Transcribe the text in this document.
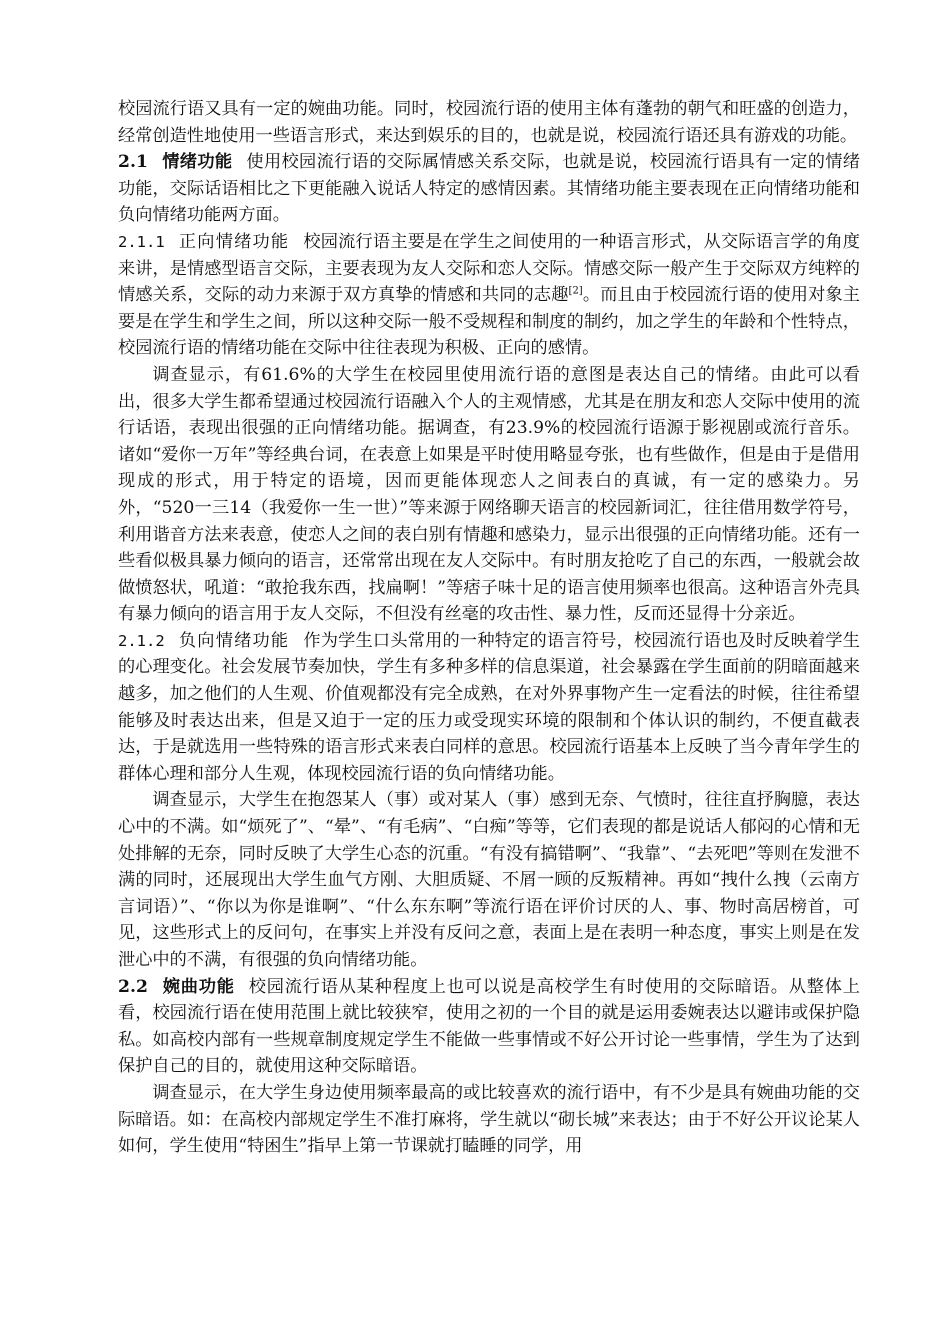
校园流行语又具有一定的婉曲功能。同时，校园流行语的使用主体有蓬勃的朝气和旺盛的创造力，经常创造性地使用一些语言形式，来达到娱乐的目的，也就是说，校园流行语还具有游戏的功能。

2.1 情绪功能 使用校园流行语的交际属情感关系交际，也就是说，校园流行语具有一定的情绪功能，交际话语相比之下更能融入说话人特定的感情因素。其情绪功能主要表现在正向情绪功能和负向情绪功能两方面。

2.1.1 正向情绪功能 校园流行语主要是在学生之间使用的一种语言形式，从交际语言学的角度来讲，是情感型语言交际，主要表现为友人交际和恋人交际。情感交际一般产生于交际双方纯粹的情感关系，交际的动力来源于双方真挚的情感和共同的志趣[2]。而且由于校园流行语的使用对象主要是在学生和学生之间，所以这种交际一般不受规程和制度的制约，加之学生的年龄和个性特点，校园流行语的情绪功能在交际中往往表现为积极、正向的感情。

调查显示，有61.6%的大学生在校园里使用流行语的意图是表达自己的情绪。由此可以看出，很多大学生都希望通过校园流行语融入个人的主观情感，尤其是在朋友和恋人交际中使用的流行话语，表现出很强的正向情绪功能。据调查，有23.9%的校园流行语源于影视剧或流行音乐。诸如“爱你一万年”等经典台词，在表意上如果是平时使用略显夸张，也有些做作，但是由于是借用现成的形式，用于特定的语境，因而更能体现恋人之间表白的真诚，有一定的感染力。另外，“520一三14（我爱你一生一世）”等来源于网络聊天语言的校园新词汇，往往借用数学符号，利用谐音方法来表意，使恋人之间的表白别有情趣和感染力，显示出很强的正向情绪功能。还有一些看似极具暴力倾向的语言，还常常出现在友人交际中。有时朋友抢吃了自己的东西，一般就会故做愤怒状，吼道：“敢抢我东西，找扁啊！”等痞子味十足的语言使用频率也很高。这种语言外壳具有暴力倾向的语言用于友人交际，不但没有丝毫的攻击性、暴力性，反而还显得十分亲近。

2.1.2 负向情绪功能 作为学生口头常用的一种特定的语言符号，校园流行语也及时反映着学生的心理变化。社会发展节奏加快，学生有多种多样的信息渠道，社会暴露在学生面前的阴暗面越来越多，加之他们的人生观、价值观都没有完全成熟，在对外界事物产生一定看法的时候，往往希望能够及时表达出来，但是又迫于一定的压力或受现实环境的限制和个体认识的制约，不便直截表达，于是就选用一些特殊的语言形式来表白同样的意思。校园流行语基本上反映了当今青年学生的群体心理和部分人生观，体现校园流行语的负向情绪功能。

调查显示，大学生在抱怨某人（事）或对某人（事）感到无奈、气愤时，往往直抒胸臆，表达心中的不满。如“烦死了”、“晕”、“有毛病”、“白痴”等等，它们表现的都是说话人郁闷的心情和无处排解的无奈，同时反映了大学生心态的沉重。“有没有搞错啊”、“我靠”、“去死吧”等则在发泄不满的同时，还展现出大学生血气方刚、大胆质疑、不屑一顾的反叛精神。再如“拽什么拽（云南方言词语）”、“你以为你是谁啊”、“什么东东啊”等流行语在评价讨厌的人、事、物时高居榜首，可见，这些形式上的反问句，在事实上并没有反问之意，表面上是在表明一种态度，事实上则是在发泄心中的不满，有很强的负向情绪功能。

2.2 婉曲功能 校园流行语从某种程度上也可以说是高校学生有时使用的交际暗语。从整体上看，校园流行语在使用范围上就比较狭窄，使用之初的一个目的就是运用委婉表达以避讳或保护隐私。如高校内部有一些规章制度规定学生不能做一些事情或不好公开讨论一些事情，学生为了达到保护自己的目的，就使用这种交际暗语。

调查显示，在大学生身边使用频率最高的或比较喜欢的流行语中，有不少是具有婉曲功能的交际暗语。如：在高校内部规定学生不准打麻将，学生就以“砌长城”来表达；由于不好公开议论某人如何，学生使用“特困生”指早上第一节课就打瞌睡的同学，用
